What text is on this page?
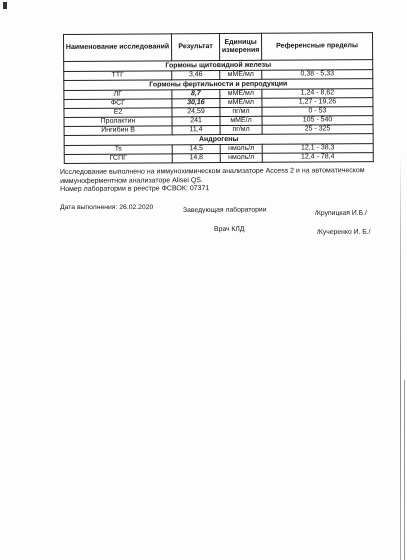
Наименование исследований	Результат	Единицы измерения	Референсные пределы
Гормоны щитовидной железы			
ТТГ	3,46	мМЕ/мл	0,38 - 5,33
Гормоны фертильности и репродукции			
ЛГ	8,7	мМЕ/мл	1,24 - 8,62
ФСГ	30,16	мМЕ/мл	1,27 - 19,26
Е2	24,59	пг/мл	0 - 53
Пролактин	241	мМЕ/л	105 - 540
Ингибин В	11,4	пг/мл	25 - 325
Андрогены			
Ts	14,5	нмоль/л	12,1 - 38,3
ГСПГ	14,8	нмоль/л	12,4 - 78,4

Исследование выполнено на иммунохимическом анализаторе Access 2 и на автоматическом

иммуноферментном анализаторе Alisei QS.

Номер лаборатории в реестре ФСВОК: 07371

Дата выполнения: 26.02.2020	Заведующая лаборатории	/Крупицкая И.Б./
Врач КЛД	/Кучеренко И. Б./
